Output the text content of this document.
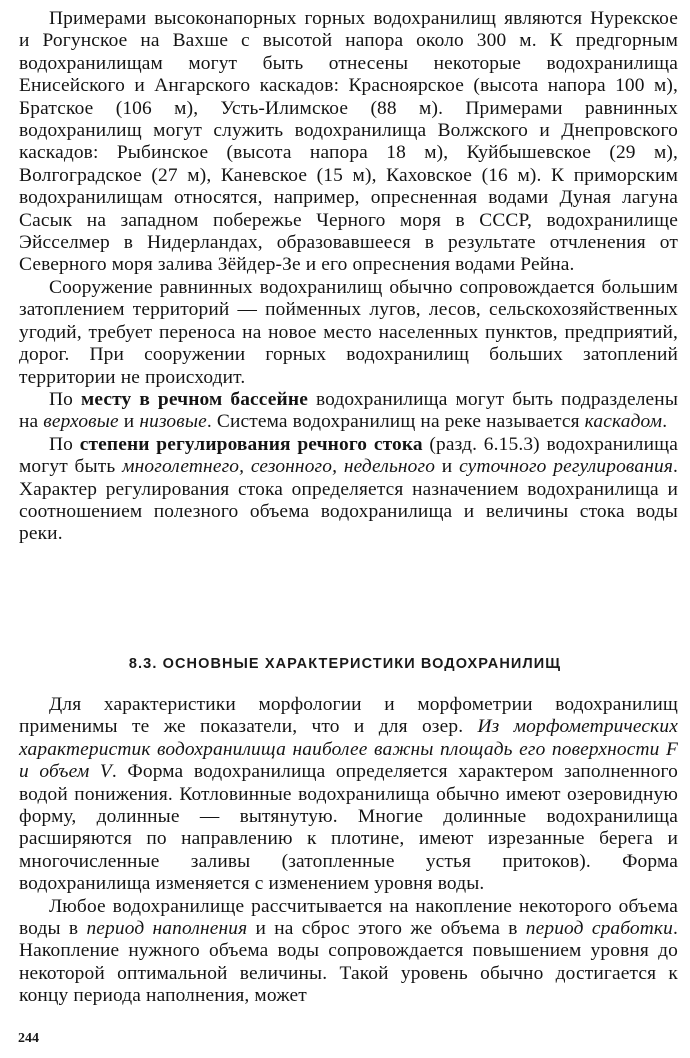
Примерами высоконапорных горных водохранилищ являются Нурекское и Рогунское на Вахше с высотой напора около 300 м. К предгорным водохранилищам могут быть отнесены некоторые водохранилища Енисейского и Ангарского каскадов: Красноярское (высота напора 100 м), Братское (106 м), Усть-Илимское (88 м). Примерами равнинных водохранилищ могут служить водохранилища Волжского и Днепровского каскадов: Рыбинское (высота напора 18 м), Куйбышевское (29 м), Волгоградское (27 м), Каневское (15 м), Каховское (16 м). К приморским водохранилищам относятся, например, опресненная водами Дуная лагуна Сасык на западном побережье Черного моря в СССР, водохранилище Эйсселмер в Нидерландах, образовавшееся в результате отчленения от Северного моря залива Зёйдер-Зе и его опреснения водами Рейна.

Сооружение равнинных водохранилищ обычно сопровождается большим затоплением территорий — пойменных лугов, лесов, сельскохозяйственных угодий, требует переноса на новое место населенных пунктов, предприятий, дорог. При сооружении горных водохранилищ больших затоплений территории не происходит.

По месту в речном бассейне водохранилища могут быть подразделены на верховые и низовые. Система водохранилищ на реке называется каскадом.

По степени регулирования речного стока (разд. 6.15.3) водохранилища могут быть многолетнего, сезонного, недельного и суточного регулирования. Характер регулирования стока определяется назначением водохранилища и соотношением полезного объема водохранилища и величины стока воды реки.

8.3. ОСНОВНЫЕ ХАРАКТЕРИСТИКИ ВОДОХРАНИЛИЩ

Для характеристики морфологии и морфометрии водохранилищ применимы те же показатели, что и для озер. Из морфометрических характеристик водохранилища наиболее важны площадь его поверхности F и объем V. Форма водохранилища определяется характером заполненного водой понижения. Котловинные водохранилища обычно имеют озеровидную форму, долинные — вытянутую. Многие долинные водохранилища расширяются по направлению к плотине, имеют изрезанные берега и многочисленные заливы (затопленные устья притоков). Форма водохранилища изменяется с изменением уровня воды.

Любое водохранилище рассчитывается на накопление некоторого объема воды в период наполнения и на сброс этого же объема в период сработки. Накопление нужного объема воды сопровождается повышением уровня до некоторой оптимальной величины. Такой уровень обычно достигается к концу периода наполнения, может

244
